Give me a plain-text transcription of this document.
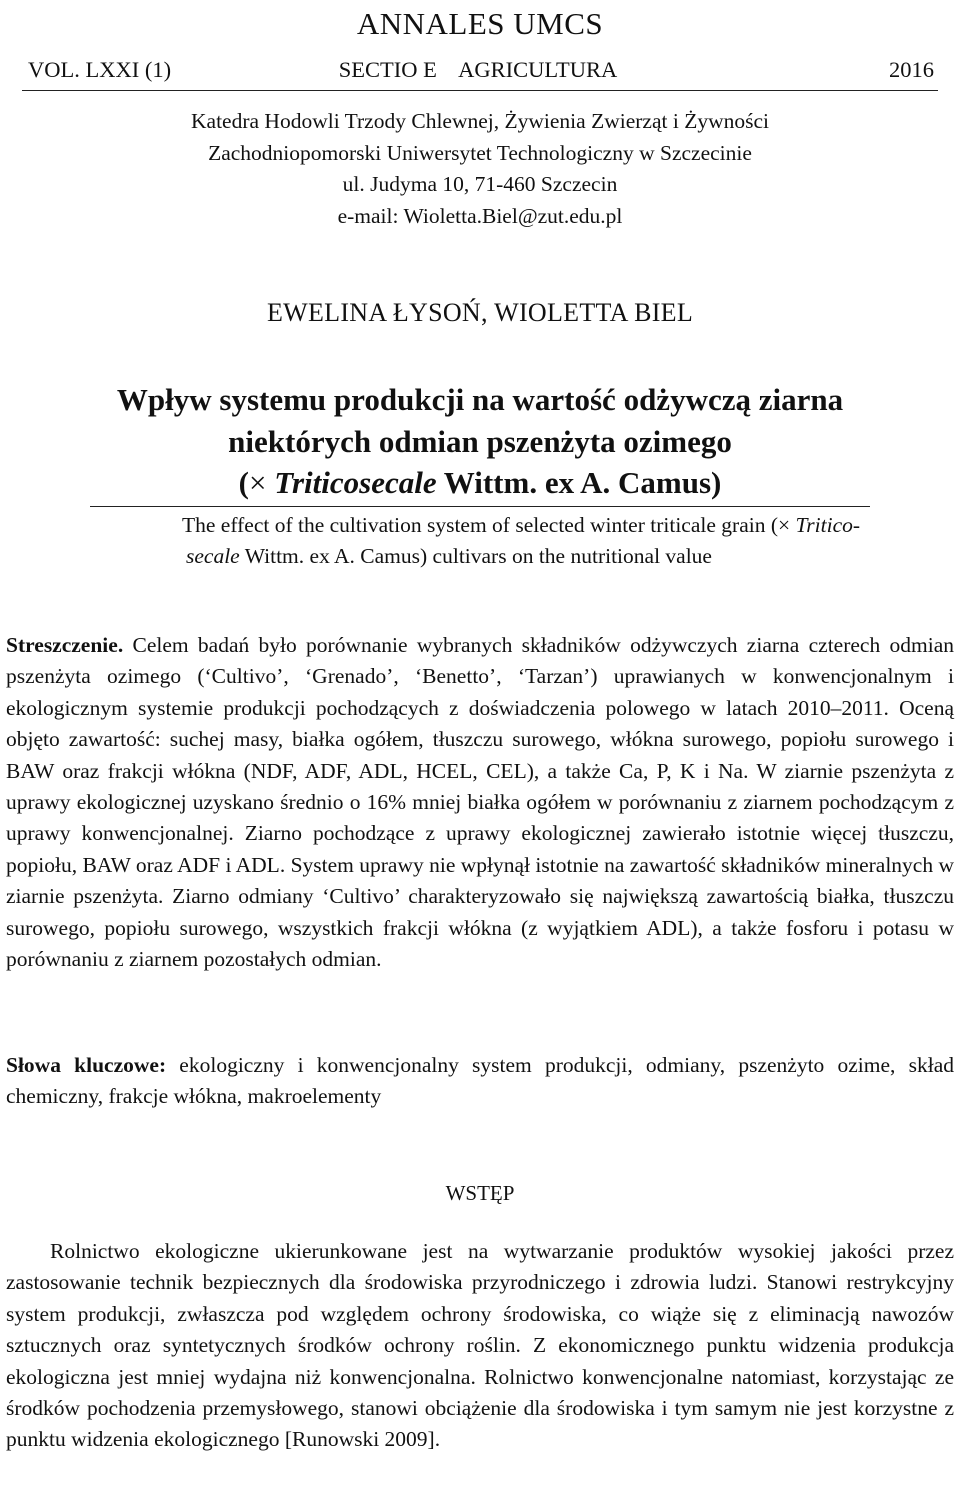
ANNALES UMCS
VOL. LXXI (1)	SECTIO E    AGRICULTURA	2016
Katedra Hodowli Trzody Chlewnej, Żywienia Zwierząt i Żywności
Zachodniopomorski Uniwersytet Technologiczny w Szczecinie
ul. Judyma 10, 71-460 Szczecin
e-mail: Wioletta.Biel@zut.edu.pl
EWELINA ŁYSOŃ, WIOLETTA BIEL
Wpływ systemu produkcji na wartość odżywczą ziarna
niektórych odmian pszenżyta ozimego
(× Triticosecale Wittm. ex A. Camus)
The effect of the cultivation system of selected winter triticale grain (× Tritico-
secale Wittm. ex A. Camus) cultivars on the nutritional value

Streszczenie. Celem badań było porównanie wybranych składników odżywczych ziarna czterech odmian pszenżyta ozimego (‘Cultivo’, ‘Grenado’, ‘Benetto’, ‘Tarzan’) uprawianych w konwencjonalnym i ekologicznym systemie produkcji pochodzących z doświadczenia polowego w latach 2010–2011. Oceną objęto zawartość: suchej masy, białka ogółem, tłuszczu surowego, włókna surowego, popiołu surowego i BAW oraz frakcji włókna (NDF, ADF, ADL, HCEL, CEL), a także Ca, P, K i Na. W ziarnie pszenżyta z uprawy ekologicznej uzyskano średnio o 16% mniej białka ogółem w porównaniu z ziarnem pochodzącym z uprawy konwencjonalnej. Ziarno pochodzące z uprawy ekologicznej zawierało istotnie więcej tłuszczu, popiołu, BAW oraz ADF i ADL. System uprawy nie wpłynął istotnie na zawartość składników mineralnych w ziarnie pszenżyta. Ziarno odmiany ‘Cultivo’ charakteryzowało się największą zawartością białka, tłuszczu surowego, popiołu surowego, wszystkich frakcji włókna (z wyjątkiem ADL), a także fosforu i potasu w porównaniu z ziarnem pozostałych odmian.

Słowa kluczowe: ekologiczny i konwencjonalny system produkcji, odmiany, pszenżyto ozime, skład chemiczny, frakcje włókna, makroelementy

WSTĘP

Rolnictwo ekologiczne ukierunkowane jest na wytwarzanie produktów wysokiej jakości przez zastosowanie technik bezpiecznych dla środowiska przyrodniczego i zdrowia ludzi. Stanowi restrykcyjny system produkcji, zwłaszcza pod względem ochrony środowiska, co wiąże się z eliminacją nawozów sztucznych oraz syntetycznych środków ochrony roślin. Z ekonomicznego punktu widzenia produkcja ekologiczna jest mniej wydajna niż konwencjonalna. Rolnictwo konwencjonalne natomiast, korzystając ze środków pochodzenia przemysłowego, stanowi obciążenie dla środowiska i tym samym nie jest korzystne z punktu widzenia ekologicznego [Runowski 2009].
